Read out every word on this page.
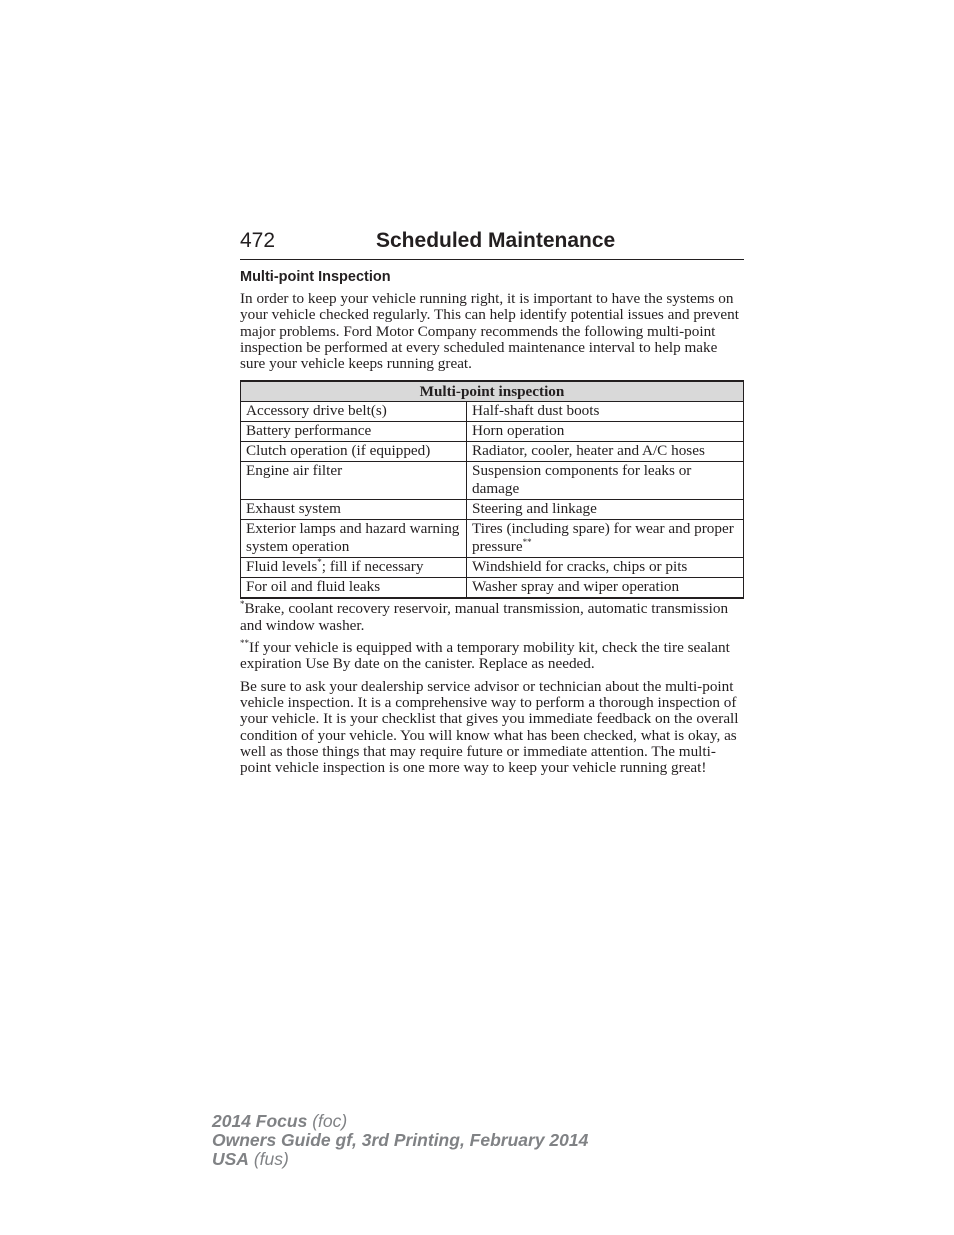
472	Scheduled Maintenance
Multi-point Inspection

In order to keep your vehicle running right, it is important to have the systems on your vehicle checked regularly. This can help identify potential issues and prevent major problems. Ford Motor Company recommends the following multi-point inspection be performed at every scheduled maintenance interval to help make sure your vehicle keeps running great.

Multi-point inspection	
Accessory drive belt(s)	Half-shaft dust boots
Battery performance	Horn operation
Clutch operation (if equipped)	Radiator, cooler, heater and A/C hoses
Engine air filter	Suspension components for leaks or damage
Exhaust system	Steering and linkage
Exterior lamps and hazard warning system operation	Tires (including spare) for wear and proper pressure**
Fluid levels*; fill if necessary	Windshield for cracks, chips or pits
For oil and fluid leaks	Washer spray and wiper operation

*Brake, coolant recovery reservoir, manual transmission, automatic transmission and window washer.

**If your vehicle is equipped with a temporary mobility kit, check the tire sealant expiration Use By date on the canister. Replace as needed.

Be sure to ask your dealership service advisor or technician about the multi-point vehicle inspection. It is a comprehensive way to perform a thorough inspection of your vehicle. It is your checklist that gives you immediate feedback on the overall condition of your vehicle. You will know what has been checked, what is okay, as well as those things that may require future or immediate attention. The multi-point vehicle inspection is one more way to keep your vehicle running great!

2014 Focus (foc)
Owners Guide gf, 3rd Printing, February 2014
USA (fus)
